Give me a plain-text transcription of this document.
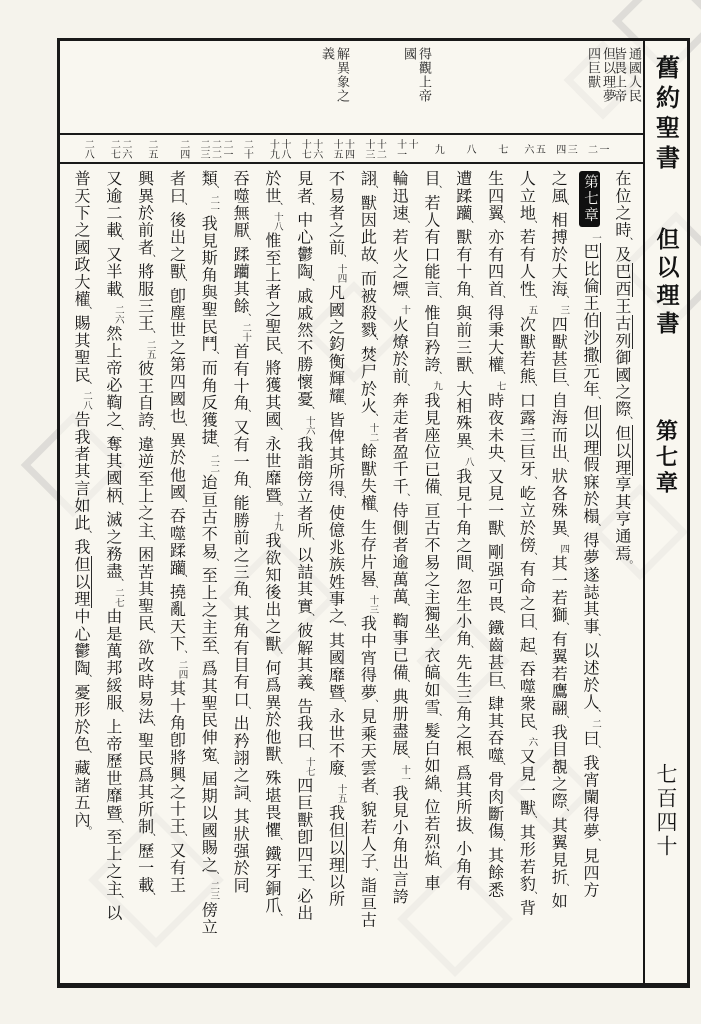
通國人民皆畏上帝
但以理夢四巨獸
得觀上帝國
解異象之義
一
二
三
四
五
六
七
八
九
十
十一
十二
十三
十四
十五
十六
十七
十八
十九
二十
二一
二二
二三
二四
二五
二六
二七
二八
在位之時、及巴西王古列御國之際、但以理享其亨通焉。
第七章一巴比倫王伯沙撒元年、但以理假寐於榻、得夢遂誌其事、以述於人、二曰、我宵闌得夢、見四方
之風、相搏於大海、三四獸甚巨、自海而出、狀各殊異、四其一若獅、有翼若鷹翮、我目覩之際、其翼見折、如
人立地、若有人性、五次獸若熊、口露三巨牙、屹立於傍、有命之曰、起、吞噬衆民、六又見一獸、其形若豹、背
生四翼、亦有四首、得秉大權、七時夜未央、又見一獸、剛强可畏、鐵齒甚巨、肆其吞噬、骨肉斷傷、其餘悉
遭蹂躪、獸有十角、與前三獸、大相殊異、八我見十角之間、忽生小角、先生三角之根、爲其所拔、小角有
目、若人有口能言、惟自矜誇、九我見座位已備、亘古不易之主獨坐、衣皜如雪、髮白如綿、位若烈焰、車
輪迅速、若火之熛、十火燎於前、奔走者盈千千、侍側者逾萬萬、鞫事已備、典册盡展、十一我見小角出言誇
詡、獸因此故、而被殺戮、焚尸於火、十二餘獸失權、生存片晷、十三我中宵得夢、見乘天雲者、貌若人子、詣亘古
不易者之前、十四凡國之鈞衡輝耀、皆俾其所得、使億兆族姓事之、其國靡暨、永世不廢、十五我但以理以所
見者、中心鬱陶、戚戚然不勝懷憂、十六我詣傍立者所、以詰其實、彼解其義、告我曰、十七四巨獸卽四王、必出
於世、十八惟至上者之聖民、將獲其國、永世靡暨。十九我欲知後出之獸、何爲異於他獸、殊堪畏懼、鐵牙銅爪、
吞噬無厭、蹂躪其餘、二十首有十角、又有一角、能勝前之三角、其角有目有口、出矜詡之詞、其狀强於同
類、二一我見斯角與聖民鬥、而角反獲捷、二二迨亘古不易、至上之主至、爲其聖民伸寃、屆期以國賜之、二三傍立
者曰、後出之獸、卽塵世之第四國也、異於他國、吞噬蹂躪、撓亂天下、二四其十角卽將興之十王、又有王
興異於前者、將服三王、二五彼王自誇、違逆至上之主、困苦其聖民、欲改時易法、聖民爲其所制、歷一載、
又逾二載、又半載、二六然上帝必鞫之、奪其國柄、滅之務盡、二七由是萬邦綏服、上帝歷世靡暨、至上之主、以
普天下之國政大權、賜其聖民、二八告我者其言如此、我但以理中心鬱陶、憂形於色、藏諸五內。
舊約聖書
但以理書
第七章
七百四十
